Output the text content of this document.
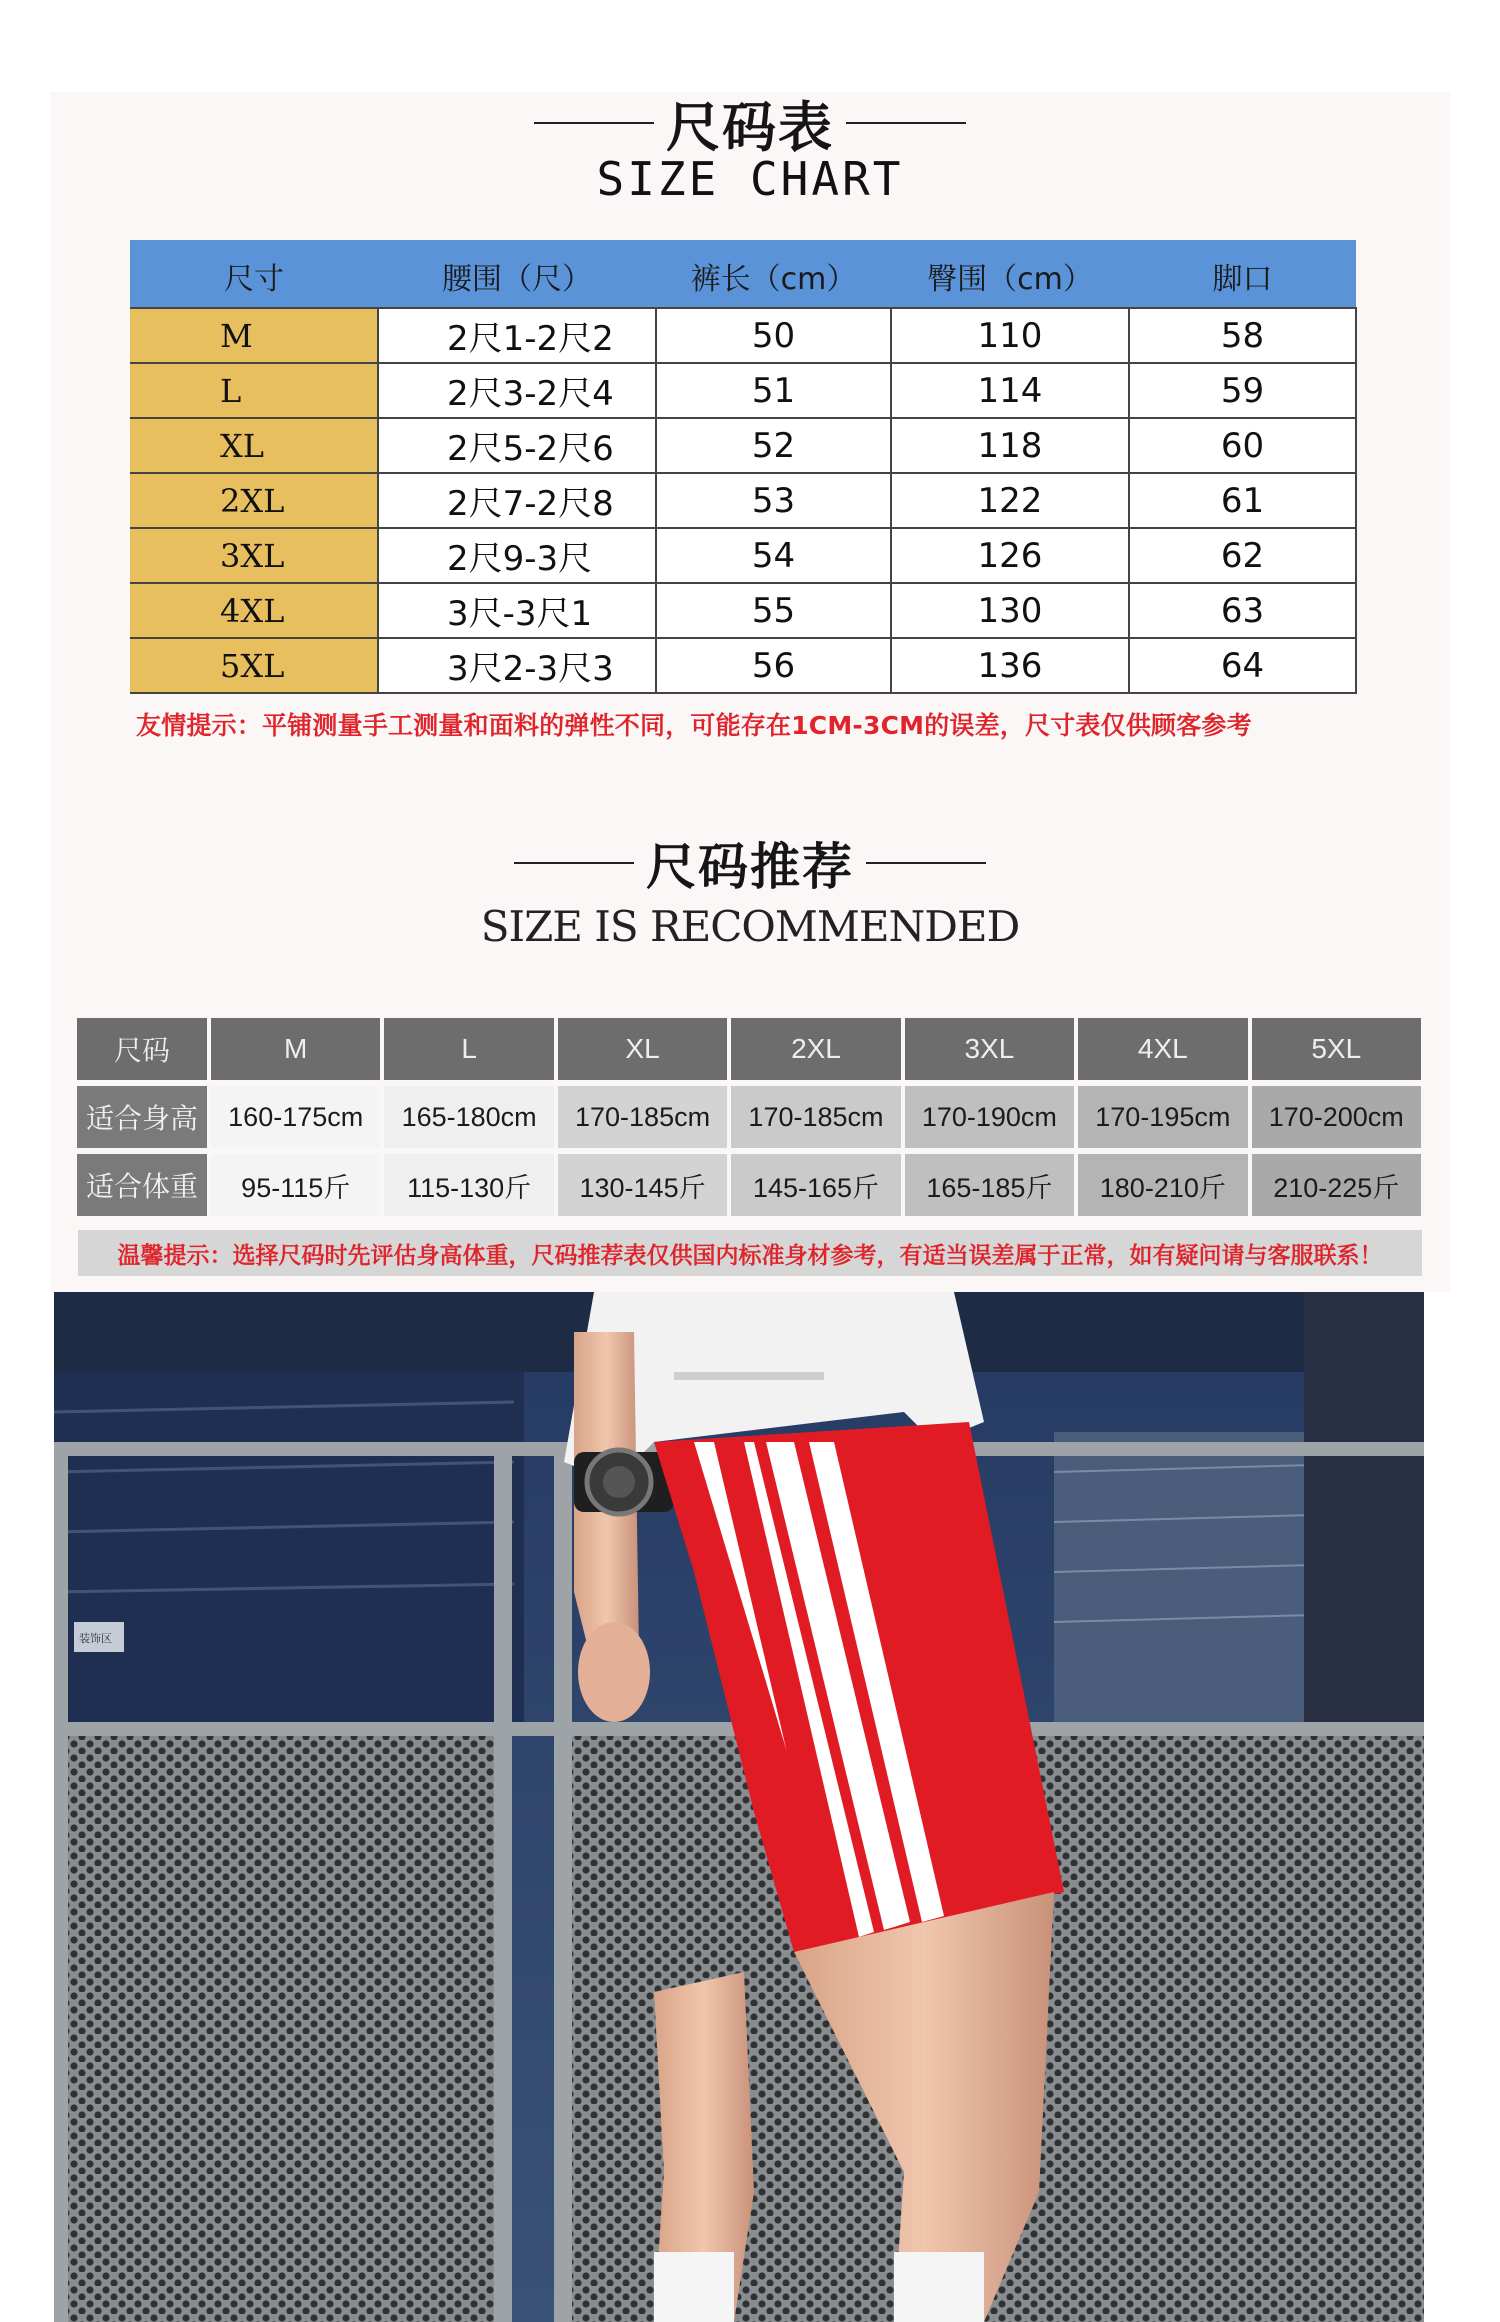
尺码表
SIZE CHART
尺寸	腰围（尺）	裤长（cm）	臀围（cm）	脚口
M	2尺1-2尺2	50	110	58
L	2尺3-2尺4	51	114	59
XL	2尺5-2尺6	52	118	60
2XL	2尺7-2尺8	53	122	61
3XL	2尺9-3尺	54	126	62
4XL	3尺-3尺1	55	130	63
5XL	3尺2-3尺3	56	136	64
友情提示：平铺测量手工测量和面料的弹性不同，可能存在1CM-3CM的误差，尺寸表仅供顾客参考
尺码推荐
SIZE IS RECOMMENDED
尺码	M	L	XL	2XL	3XL	4XL	5XL
适合身高	160-175cm	165-180cm	170-185cm	170-185cm	170-190cm	170-195cm	170-200cm
适合体重	95-115斤	115-130斤	130-145斤	145-165斤	165-185斤	180-210斤	210-225斤
温馨提示：选择尺码时先评估身高体重，尺码推荐表仅供国内标准身材参考，有适当误差属于正常，如有疑问请与客服联系！
装饰区
